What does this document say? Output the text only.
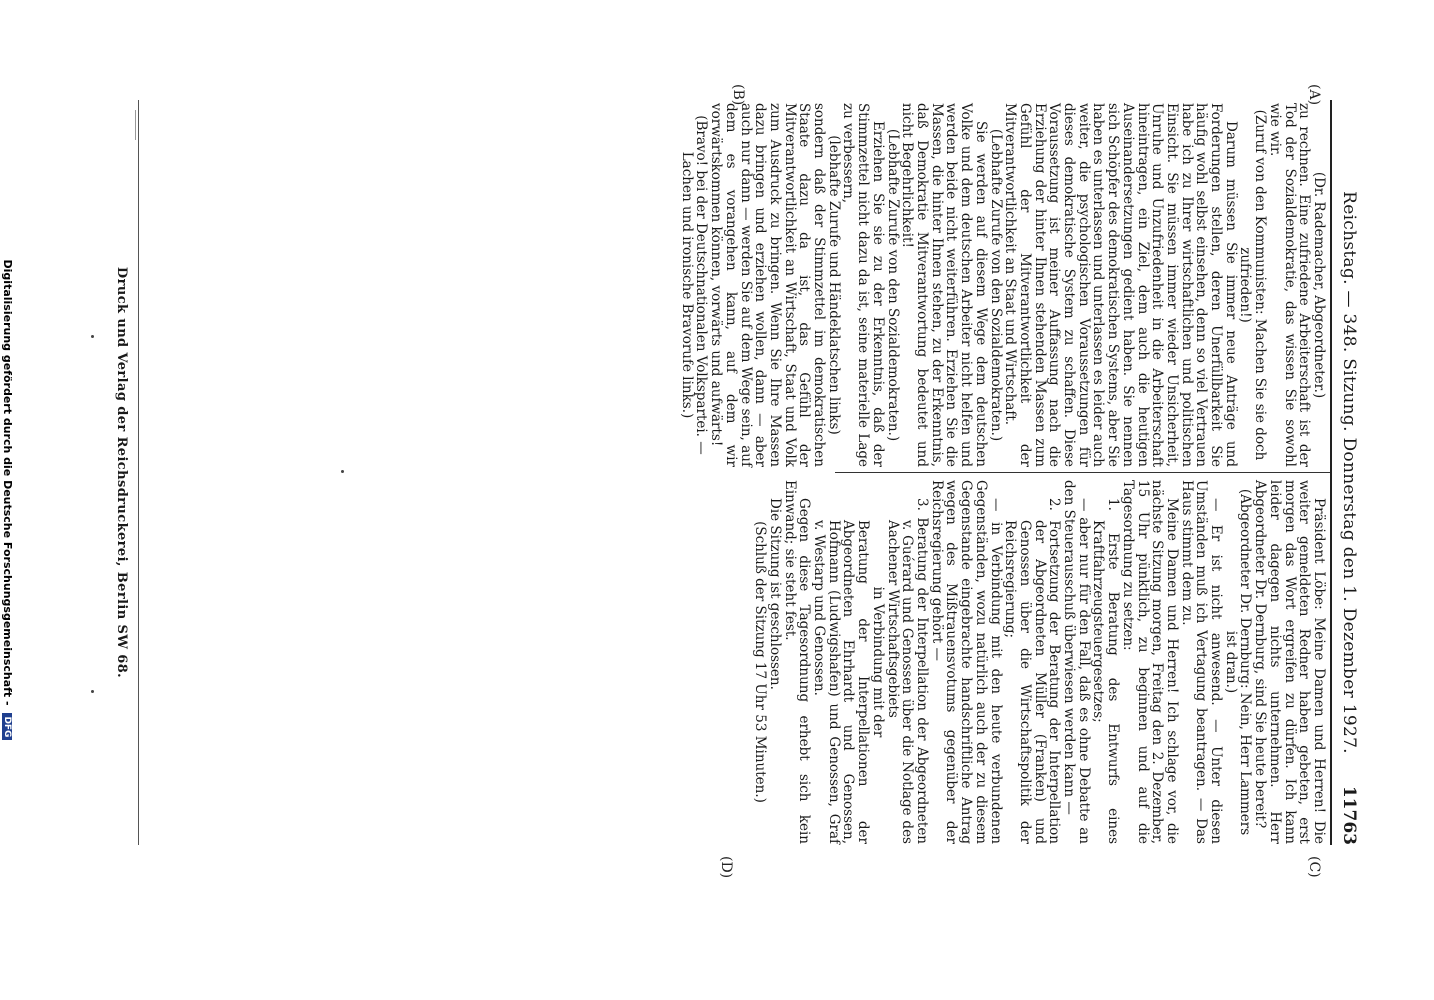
Reichstag. — 348. Sitzung. Donnerstag den 1. Dezember 1927.
11763
(A)
(B)
(C)
(D)

(Dr. Rademacher, Abgeordneter.)

zu rechnen. Eine zufriedene Arbeiterschaft ist der Tod der Sozialdemokratie, das wissen Sie sowohl wie wir.

(Zuruf von den Kommunisten: Machen Sie sie doch zufrieden!)

Darum müssen Sie immer neue Anträge und Forderungen stellen, deren Unerfüllbarkeit Sie häufig wohl selbst einsehen, denn so viel Vertrauen habe ich zu Ihrer wirtschaftlichen und politischen Einsicht. Sie müssen immer wieder Unsicherheit, Unruhe und Unzufriedenheit in die Arbeiterschaft hineintragen, ein Ziel, dem auch die heutigen Auseinandersetzungen gedient haben. Sie nennen sich Schöpfer des demokratischen Systems, aber Sie haben es unterlassen und unterlassen es leider auch weiter, die psychologischen Voraussetzungen für dieses demokratische System zu schaffen. Diese Voraussetzung ist meiner Auffassung nach die Erziehung der hinter Ihnen stehenden Massen zum Gefühl der Mitverantwortlichkeit der Mitverantwortlichkeit an Staat und Wirtschaft.

(Lebhafte Zurufe von den Sozialdemokraten.)

Sie werden auf diesem Wege dem deutschen Volke und dem deutschen Arbeiter nicht helfen und werden beide nicht weiterführen. Erziehen Sie die Massen, die hinter Ihnen stehen, zu der Erkenntnis, daß Demokratie Mitverantwortung bedeutet und nicht Begehrlichkeit!

(Lebhafte Zurufe von den Sozialdemokraten.)

Erziehen Sie sie zu der Erkenntnis, daß der Stimmzettel nicht dazu da ist, seine materielle Lage zu verbessern,

(lebhafte Zurufe und Händeklatschen links)

sondern daß der Stimmzettel im demokratischen Staate dazu da ist, das Gefühl der Mitverantwortlichkeit an Wirtschaft, Staat und Volk zum Ausdruck zu bringen. Wenn Sie Ihre Massen dazu bringen und erziehen wollen, dann — aber auch nur dann — werden Sie auf dem Wege sein, auf dem es vorangehen kann, auf dem wir vorwärtskommen können, vorwärts und aufwärts!

(Bravo! bei der Deutschnationalen Volkspartei. — Lachen und ironische Bravorufe links.)

Präsident Löbe: Meine Damen und Herren! Die weiter gemeldeten Redner haben gebeten, erst morgen das Wort ergreifen zu dürfen. Ich kann leider dagegen nichts unternehmen. Herr Abgeordneter Dr. Dernburg, sind Sie heute bereit?

(Abgeordneter Dr. Dernburg: Nein, Herr Lammers ist dran.)

— Er ist nicht anwesend. — Unter diesen Umständen muß ich Vertagung beantragen. — Das Haus stimmt dem zu.

Meine Damen und Herren! Ich schlage vor, die nächste Sitzung morgen, Freitag den 2. Dezember, 15 Uhr pünktlich, zu beginnen und auf die Tagesordnung zu setzen:

1. Erste Beratung des Entwurfs eines Kraftfahrzeugsteuergesetzes;

— aber nur für den Fall, daß es ohne Debatte an den Steuerausschuß überwiesen werden kann —

2. Fortsetzung der Beratung der Interpellation der Abgeordneten Müller (Franken) und Genossen über die Wirtschaftspolitik der Reichsregierung;

— in Verbindung mit den heute verbundenen Gegenständen, wozu natürlich auch der zu diesem Gegenstande eingebrachte handschriftliche Antrag wegen des Mißtrauensvotums gegenüber der Reichsregierung gehört —

3. Beratung der Interpellation der Abgeordneten v. Guérard und Genossen über die Notlage des Aachener Wirtschaftsgebiets

in Verbindung mit der

Beratung der Interpellationen der Abgeordneten Ehrhardt und Genossen, Hofmann (Ludwigshafen) und Genossen, Graf v. Westarp und Genossen.

Gegen diese Tagesordnung erhebt sich kein Einwand; sie steht fest.

Die Sitzung ist geschlossen.

(Schluß der Sitzung 17 Uhr 53 Minuten.)

Druck und Verlag der Reichsdruckerei, Berlin SW 68.
Digitalisierung gefördert durch die Deutsche Forschungsgemeinschaft - DFG
